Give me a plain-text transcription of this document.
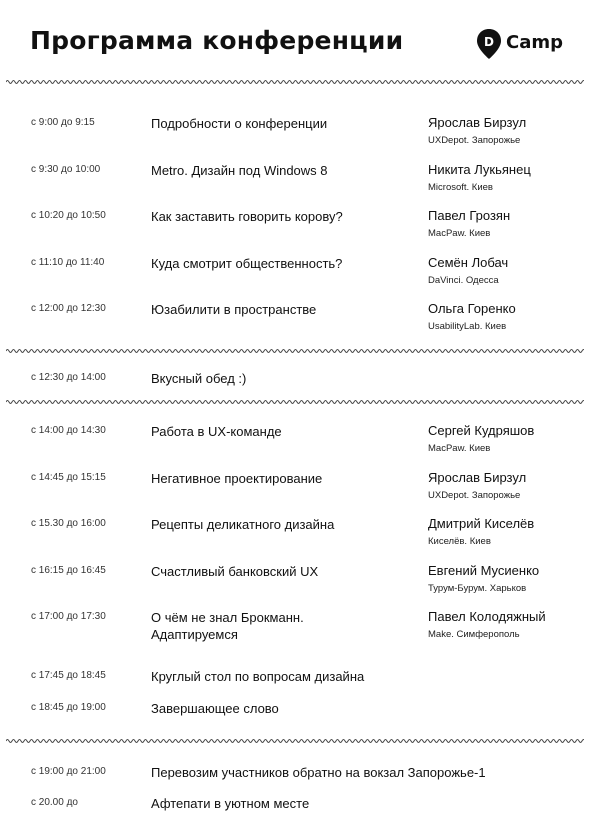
Программа конференции	D Camp
с 9:00 до 9:15	Подробности о конференции	Ярослав Бирзул
UXDepot. Запорожье
с 9:30 до 10:00	Metro. Дизайн под Windows 8	Никита Лукьянец
Microsoft. Киев
с 10:20 до 10:50	Как заставить говорить корову?	Павел Грозян
MacPaw. Киев
с 11:10 до 11:40	Куда смотрит общественность?	Семён Лобач
DaVinci. Одесса
с 12:00 до 12:30	Юзабилити в пространстве	Ольга Горенко
UsabilityLab. Киев
с 12:30 до 14:00	Вкусный обед :)
с 14:00 до 14:30	Работа в UX-команде	Сергей Кудряшов
MacPaw. Киев
с 14:45 до 15:15	Негативное проектирование	Ярослав Бирзул
UXDepot. Запорожье
с 15.30 до 16:00	Рецепты деликатного дизайна	Дмитрий Киселёв
Киселёв. Киев
с 16:15 до 16:45	Счастливый банковский UX	Евгений Мусиенко
Турум-Бурум. Харьков
с 17:00 до 17:30	О чём не знал Брокманн. Адаптируемся
Павел Колодяжный
Make. Симферополь
с 17:45 до 18:45	Круглый стол по вопросам дизайна
с 18:45 до 19:00	Завершающее слово
с 19:00 до 21:00	Перевозим участников обратно на вокзал Запорожье-1
с 20.00 до	Афтепати в уютном месте
